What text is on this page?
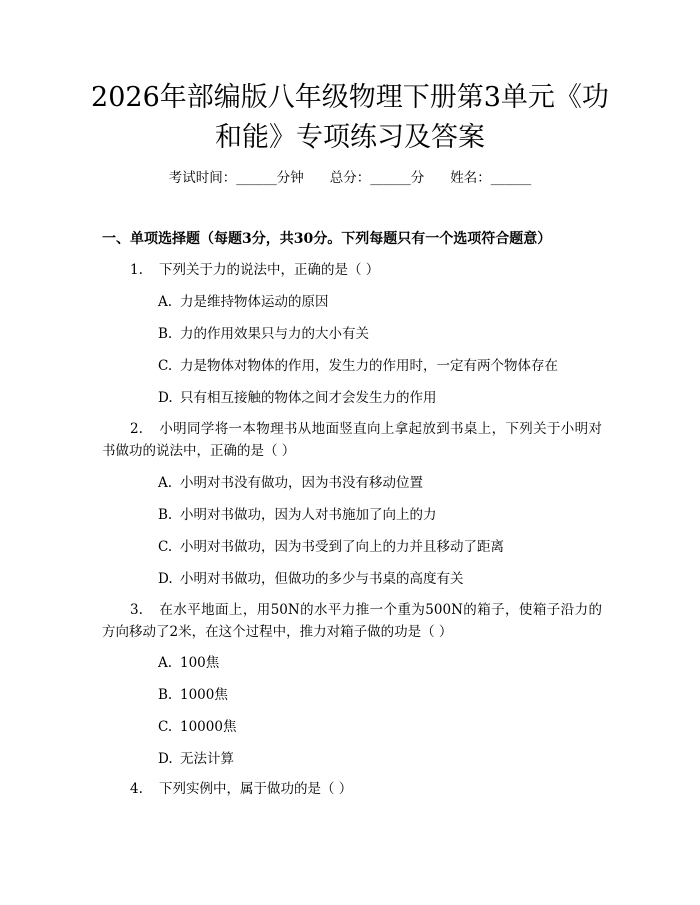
2026年部编版八年级物理下册第3单元《功
和能》专项练习及答案
考试时间：______分钟 总分：______分 姓名：______
一、单项选择题（每题3分，共30分。下列每题只有一个选项符合题意）
1. 下列关于力的说法中，正确的是（ ）
A. 力是维持物体运动的原因
B. 力的作用效果只与力的大小有关
C. 力是物体对物体的作用，发生力的作用时，一定有两个物体存在
D. 只有相互接触的物体之间才会发生力的作用
2. 小明同学将一本物理书从地面竖直向上拿起放到书桌上，下列关于小明对书做功的说法中，正确的是（ ）
A. 小明对书没有做功，因为书没有移动位置
B. 小明对书做功，因为人对书施加了向上的力
C. 小明对书做功，因为书受到了向上的力并且移动了距离
D. 小明对书做功，但做功的多少与书桌的高度有关
3. 在水平地面上，用50N的水平力推一个重为500N的箱子，使箱子沿力的方向移动了2米，在这个过程中，推力对箱子做的功是（ ）
A. 100焦
B. 1000焦
C. 10000焦
D. 无法计算
4. 下列实例中，属于做功的是（ ）
